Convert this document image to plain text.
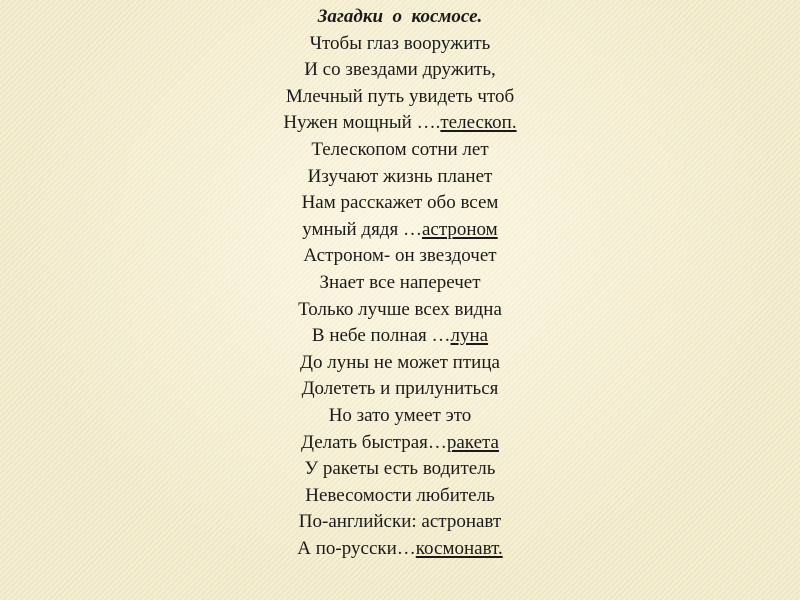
Загадки  о  космосе.
Чтобы глаз вооружить
И со звездами дружить,
Млечный путь увидеть чтоб
Нужен мощный ….телескоп.
Телескопом сотни лет
Изучают жизнь планет
Нам расскажет обо всем
умный дядя …астроном
Астроном- он звездочет
Знает все наперечет
Только лучше всех видна
В небе полная …луна
До луны не может птица
Долететь и прилуниться
Но зато умеет это
Делать быстрая…ракета
У ракеты есть водитель
Невесомости любитель
По-английски: астронавт
А по-русски…космонавт.
